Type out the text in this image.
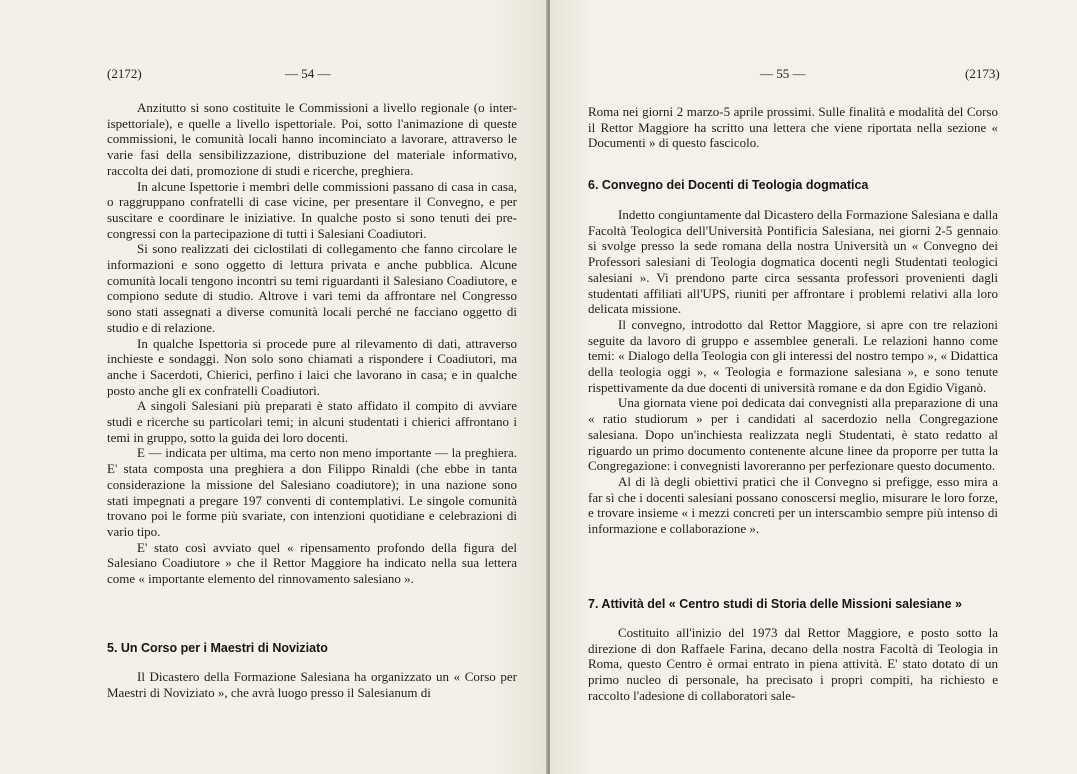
(2172)	— 54 —

Anzitutto si sono costituite le Commissioni a livello regionale (o inter-ispettoriale), e quelle a livello ispettoriale. Poi, sotto l'animazione di queste commissioni, le comunità locali hanno incominciato a lavorare, attraverso le varie fasi della sensibilizzazione, distribuzione del materiale informativo, raccolta dei dati, promozione di studi e ricerche, preghiera.

In alcune Ispettorie i membri delle commissioni passano di casa in casa, o raggruppano confratelli di case vicine, per presentare il Convegno, e per suscitare e coordinare le iniziative. In qualche posto si sono tenuti dei pre-congressi con la partecipazione di tutti i Salesiani Coadiutori.

Si sono realizzati dei ciclostilati di collegamento che fanno circolare le informazioni e sono oggetto di lettura privata e anche pubblica. Alcune comunità locali tengono incontri su temi riguardanti il Salesiano Coadiutore, e compiono sedute di studio. Altrove i vari temi da affrontare nel Congresso sono stati assegnati a diverse comunità locali perché ne facciano oggetto di studio e di relazione.

In qualche Ispettoria si procede pure al rilevamento di dati, attraverso inchieste e sondaggi. Non solo sono chiamati a rispondere i Coadiutori, ma anche i Sacerdoti, Chierici, perfino i laici che lavorano in casa; e in qualche posto anche gli ex confratelli Coadiutori.

A singoli Salesiani più preparati è stato affidato il compito di avviare studi e ricerche su particolari temi; in alcuni studentati i chierici affrontano i temi in gruppo, sotto la guida dei loro docenti.

E — indicata per ultima, ma certo non meno importante — la preghiera. E' stata composta una preghiera a don Filippo Rinaldi (che ebbe in tanta considerazione la missione del Salesiano coadiutore); in una nazione sono stati impegnati a pregare 197 conventi di contemplativi. Le singole comunità trovano poi le forme più svariate, con intenzioni quotidiane e celebrazioni di vario tipo.

E' stato così avviato quel « ripensamento profondo della figura del Salesiano Coadiutore » che il Rettor Maggiore ha indicato nella sua lettera come « importante elemento del rinnovamento salesiano ».

5. Un Corso per i Maestri di Noviziato

Il Dicastero della Formazione Salesiana ha organizzato un « Corso per Maestri di Noviziato », che avrà luogo presso il Salesianum di

— 55 —	(2173)

Roma nei giorni 2 marzo-5 aprile prossimi. Sulle finalità e modalità del Corso il Rettor Maggiore ha scritto una lettera che viene riportata nella sezione « Documenti » di questo fascicolo.

6. Convegno dei Docenti di Teologia dogmatica

Indetto congiuntamente dal Dicastero della Formazione Salesiana e dalla Facoltà Teologica dell'Università Pontificia Salesiana, nei giorni 2-5 gennaio si svolge presso la sede romana della nostra Università un « Convegno dei Professori salesiani di Teologia dogmatica docenti negli Studentati teologici salesiani ». Vi prendono parte circa sessanta professori provenienti dagli studentati affiliati all'UPS, riuniti per affrontare i problemi relativi alla loro delicata missione.

Il convegno, introdotto dal Rettor Maggiore, si apre con tre relazioni seguite da lavoro di gruppo e assemblee generali. Le relazioni hanno come temi: « Dialogo della Teologia con gli interessi del nostro tempo », « Didattica della teologia oggi », « Teologia e formazione salesiana », e sono tenute rispettivamente da due docenti di università romane e da don Egidio Viganò.

Una giornata viene poi dedicata dai convegnisti alla preparazione di una « ratio studiorum » per i candidati al sacerdozio nella Congregazione salesiana. Dopo un'inchiesta realizzata negli Studentati, è stato redatto al riguardo un primo documento contenente alcune linee da proporre per tutta la Congregazione: i convegnisti lavoreranno per perfezionare questo documento.

Al di là degli obiettivi pratici che il Convegno si prefigge, esso mira a far sì che i docenti salesiani possano conoscersi meglio, misurare le loro forze, e trovare insieme « i mezzi concreti per un interscambio sempre più intenso di informazione e collaborazione ».

7. Attività del « Centro studi di Storia delle Missioni salesiane »

Costituito all'inizio del 1973 dal Rettor Maggiore, e posto sotto la direzione di don Raffaele Farina, decano della nostra Facoltà di Teologia in Roma, questo Centro è ormai entrato in piena attività. E' stato dotato di un primo nucleo di personale, ha precisato i propri compiti, ha richiesto e raccolto l'adesione di collaboratori sale-
